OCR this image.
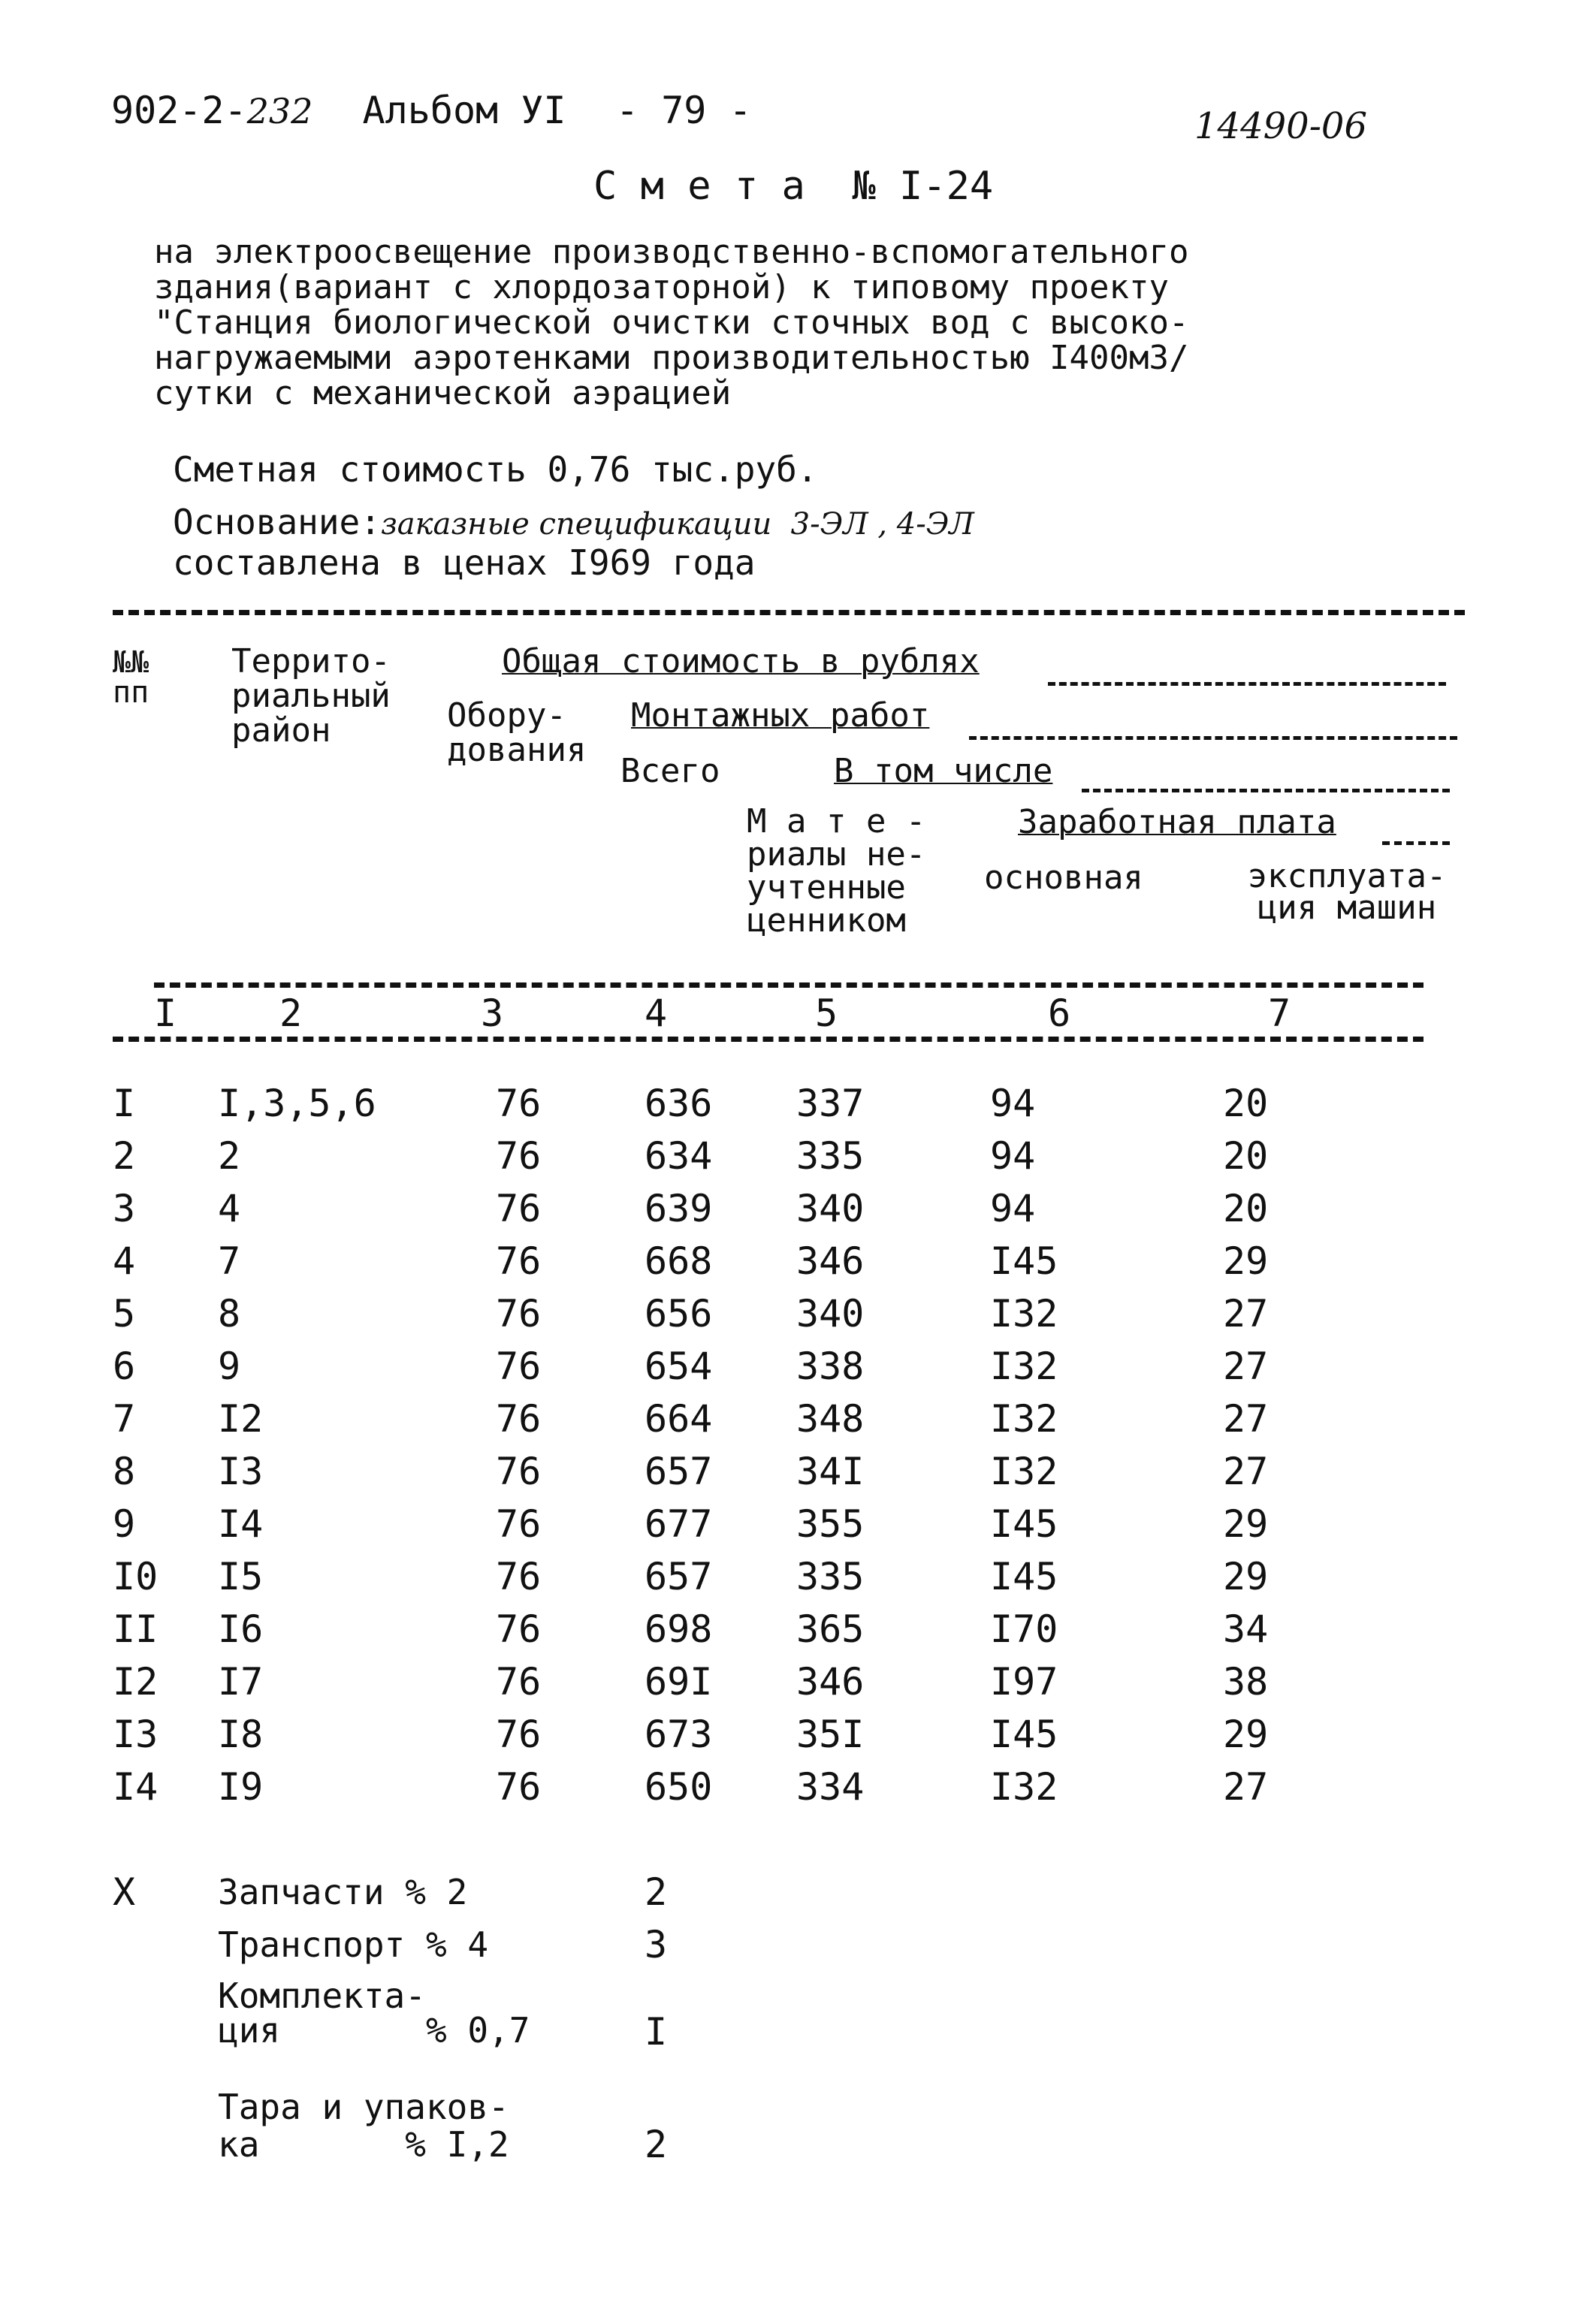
902-2-232 Альбом УI - 79 -	14490-06
С м е т а  № I-24
на электроосвещение производственно-вспомогательного
здания(вариант с хлордозаторной) к типовому проекту
"Станция биологической очистки сточных вод с высоко-
нагружаемыми аэротенками производительностью I400м3/
сутки с механической аэрацией
Сметная стоимость 0,76 тыс.руб.
Основание:заказные спецификации  3-ЭЛ , 4-ЭЛ
составлена в ценах I969 года
№№ пп
Террито- риальный район
Общая стоимость в рублях
Обору- дования
Монтажных работ
Всего	В том числе
М а т е - риалы не- учтенные ценником
Заработная плата
основная	эксплуата- ция машин
I	2	3	4	5	6	7
I I,3,5,6	76	636 337	94	20
2 2	76	634 335	94	20
3 4	76	639 340	94	20
4 7	76	668 346	I45	29
5 8	76	656 340	I32	27
6 9	76	654 338	I32	27
7 I2	76	664 348	I32	27
8 I3	76	657 34I	I32	27
9 I4	76	677 355	I45	29
I0 I5	76	657 335	I45	29
II I6	76	698 365	I70	34
I2 I7	76	69I 346	I97	38
I3 I8	76	673 35I	I45	29
I4 I9	76	650 334	I32	27
X Запчасти % 2	2
Транспорт % 4	3
Комплекта-
ция       % 0,7	I
Тара и упаков-
ка       % I,2	2
